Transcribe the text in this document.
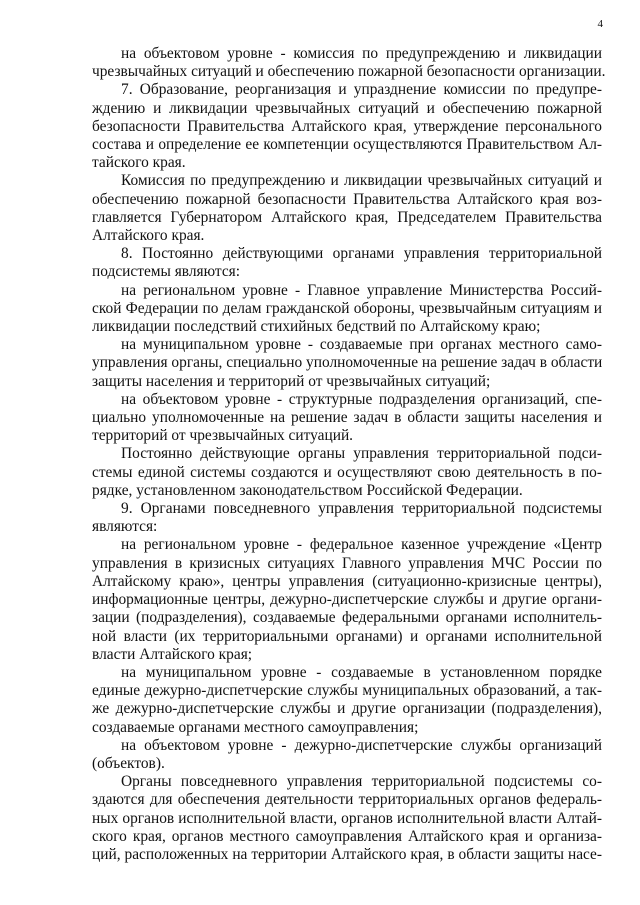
4

на объектовом уровне - комиссия по предупреждению и ликвидации
чрезвычайных ситуаций и обеспечению пожарной безопасности организации.

7. Образование, реорганизация и упразднение комиссии по предупре-
ждению и ликвидации чрезвычайных ситуаций и обеспечению пожарной
безопасности Правительства Алтайского края, утверждение персонального
состава и определение ее компетенции осуществляются Правительством Ал-
тайского края.

Комиссия по предупреждению и ликвидации чрезвычайных ситуаций и
обеспечению пожарной безопасности Правительства Алтайского края воз-
главляется Губернатором Алтайского края, Председателем Правительства
Алтайского края.

8. Постоянно действующими органами управления территориальной
подсистемы являются:

на региональном уровне - Главное управление Министерства Россий-
ской Федерации по делам гражданской обороны, чрезвычайным ситуациям и
ликвидации последствий стихийных бедствий по Алтайскому краю;

на муниципальном уровне - создаваемые при органах местного само-
управления органы, специально уполномоченные на решение задач в области
защиты населения и территорий от чрезвычайных ситуаций;

на объектовом уровне - структурные подразделения организаций, спе-
циально уполномоченные на решение задач в области защиты населения и
территорий от чрезвычайных ситуаций.

Постоянно действующие органы управления территориальной подси-
стемы единой системы создаются и осуществляют свою деятельность в по-
рядке, установленном законодательством Российской Федерации.

9. Органами повседневного управления территориальной подсистемы
являются:

на региональном уровне - федеральное казенное учреждение «Центр
управления в кризисных ситуациях Главного управления МЧС России по
Алтайскому краю», центры управления (ситуационно-кризисные центры),
информационные центры, дежурно-диспетчерские службы и другие органи-
зации (подразделения), создаваемые федеральными органами исполнитель-
ной власти (их территориальными органами) и органами исполнительной
власти Алтайского края;

на муниципальном уровне - создаваемые в установленном порядке
единые дежурно-диспетчерские службы муниципальных образований, а так-
же дежурно-диспетчерские службы и другие организации (подразделения),
создаваемые органами местного самоуправления;

на объектовом уровне - дежурно-диспетчерские службы организаций
(объектов).

Органы повседневного управления территориальной подсистемы со-
здаются для обеспечения деятельности территориальных органов федераль-
ных органов исполнительной власти, органов исполнительной власти Алтай-
ского края, органов местного самоуправления Алтайского края и организа-
ций, расположенных на территории Алтайского края, в области защиты насе-
